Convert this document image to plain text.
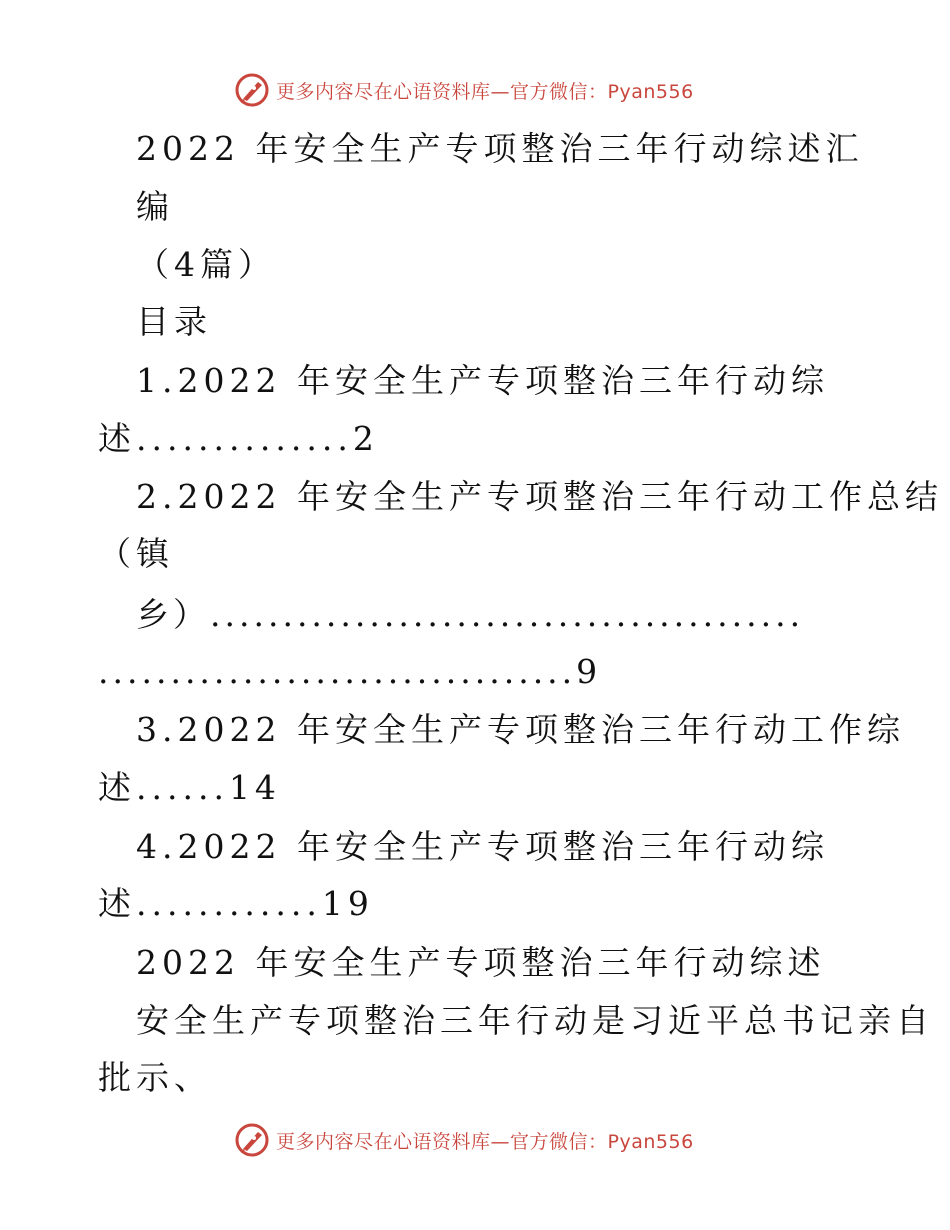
更多内容尽在心语资料库—官方微信：Pyan556
2022 年安全生产专项整治三年行动综述汇
编
（4篇）
目录
1.2022 年安全生产专项整治三年行动综
述..............2
2.2022 年安全生产专项整治三年行动工作总结
（镇
乡）.........................................
.................................9
3.2022 年安全生产专项整治三年行动工作综
述......14
4.2022 年安全生产专项整治三年行动综
述............19
2022 年安全生产专项整治三年行动综述
安全生产专项整治三年行动是习近平总书记亲自
批示、
更多内容尽在心语资料库—官方微信：Pyan556
